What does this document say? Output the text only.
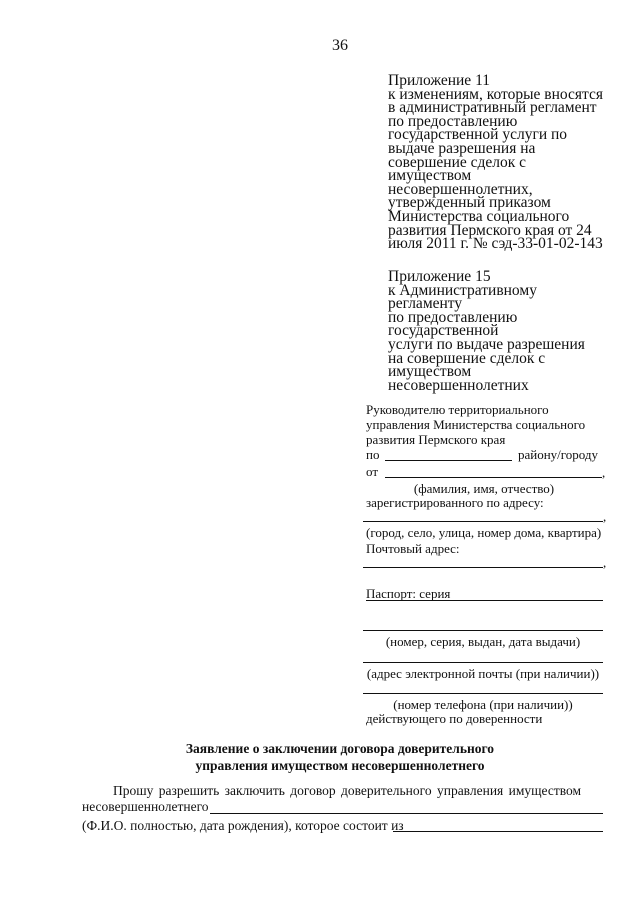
36
Приложение 11
к изменениям, которые вносятся
в административный регламент
по предоставлению
государственной услуги по
выдаче разрешения на
совершение сделок с
имуществом
несовершеннолетних,
утвержденный приказом
Министерства социального
развития Пермского края от 24
июля 2011 г. № сэд-33-01-02-143
Приложение 15
к Административному
регламенту
по предоставлению
государственной
услуги по выдаче разрешения
на совершение сделок с
имуществом
несовершеннолетних
Руководителю территориального
управления Министерства социального
развития Пермского края
по	району/городу
от	,
(фамилия, имя, отчество)
зарегистрированного по адресу:
,
(город, село, улица, номер дома, квартира)
Почтовый адрес:
,
Паспорт: серия
(номер, серия, выдан, дата выдачи)
(адрес электронной почты (при наличии))
(номер телефона (при наличии))
действующего по доверенности
Заявление о заключении договора доверительного
управления имуществом несовершеннолетнего
Прошу разрешить заключить договор доверительного управления имуществом
несовершеннолетнего
(Ф.И.О. полностью, дата рождения), которое состоит из
